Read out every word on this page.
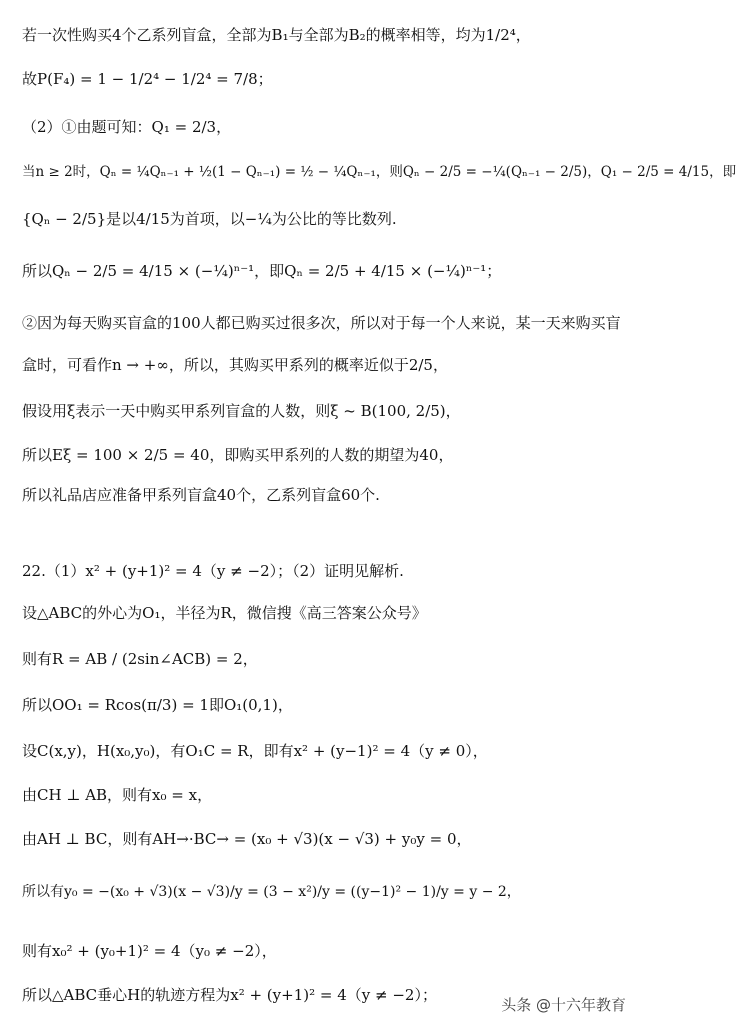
若一次性购买4个乙系列盲盒，全部为B₁与全部为B₂的概率相等，均为1/2⁴，
故P(F₄) = 1 − 1/2⁴ − 1/2⁴ = 7/8；
（2）①由题可知：Q₁ = 2/3，
当n ≥ 2时，Qₙ = ¼Qₙ₋₁ + ½(1 − Qₙ₋₁) = ½ − ¼Qₙ₋₁，则Qₙ − 2/5 = −¼(Qₙ₋₁ − 2/5)，Q₁ − 2/5 = 4/15，即
{Qₙ − 2/5}是以4/15为首项，以−¼为公比的等比数列.
所以Qₙ − 2/5 = 4/15 × (−¼)ⁿ⁻¹，即Qₙ = 2/5 + 4/15 × (−¼)ⁿ⁻¹；
②因为每天购买盲盒的100人都已购买过很多次，所以对于每一个人来说，某一天来购买盲
盒时，可看作n → +∞，所以，其购买甲系列的概率近似于2/5，
假设用ξ表示一天中购买甲系列盲盒的人数，则ξ ~ B(100, 2/5)，
所以Eξ = 100 × 2/5 = 40，即购买甲系列的人数的期望为40，
所以礼品店应准备甲系列盲盒40个，乙系列盲盒60个.
22.（1）x² + (y+1)² = 4（y ≠ −2）；（2）证明见解析.
设△ABC的外心为O₁，半径为R，微信搜《高三答案公众号》
则有R = AB / (2sin∠ACB) = 2，
所以OO₁ = Rcos(π/3) = 1即O₁(0,1)，
设C(x,y)，H(x₀,y₀)，有O₁C = R，即有x² + (y−1)² = 4（y ≠ 0），
由CH ⊥ AB，则有x₀ = x，
由AH ⊥ BC，则有AH→·BC→ = (x₀ + √3)(x − √3) + y₀y = 0，
所以有y₀ = −(x₀ + √3)(x − √3)/y = (3 − x²)/y = ((y−1)² − 1)/y = y − 2，
则有x₀² + (y₀+1)² = 4（y₀ ≠ −2），
所以△ABC垂心H的轨迹方程为x² + (y+1)² = 4（y ≠ −2）；
头条 @十六年教育
